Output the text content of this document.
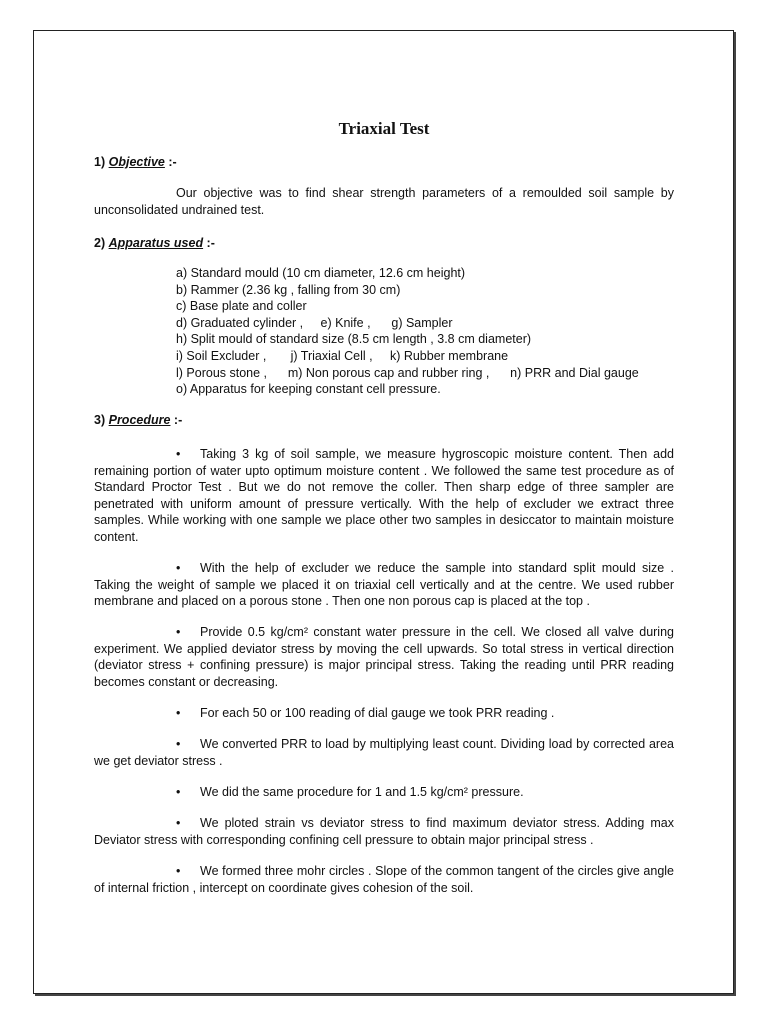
Triaxial Test
1) Objective :-
Our objective was to find shear strength parameters of a remoulded soil sample by unconsolidated undrained test.
2) Apparatus used :-
a) Standard mould (10 cm diameter, 12.6 cm height)
b) Rammer (2.36 kg , falling from 30 cm)
c) Base plate and coller
d) Graduated cylinder ,     e) Knife ,      g) Sampler
h) Split mould of standard size (8.5 cm length , 3.8 cm diameter)
i) Soil Excluder ,       j) Triaxial Cell ,     k) Rubber membrane
l) Porous stone ,      m) Non porous cap and rubber ring ,      n) PRR and Dial gauge
o) Apparatus for keeping constant cell pressure.
3) Procedure :-
• Taking 3 kg of soil sample, we measure hygroscopic moisture content. Then add remaining portion of water upto optimum moisture content . We followed the same test procedure as of Standard Proctor Test . But we do not remove the coller. Then sharp edge of three sampler are penetrated with uniform amount of pressure vertically. With the help of excluder we extract three samples. While working with one sample we place other two samples in desiccator to maintain moisture content.
• With the help of excluder we reduce the sample into standard split mould size . Taking the weight of sample we placed it on triaxial cell vertically and at the centre. We used rubber membrane and placed on a porous stone . Then one non porous cap is placed at the top .
• Provide 0.5 kg/cm² constant water pressure in the cell. We closed all valve during experiment. We applied deviator stress by moving the cell upwards. So total stress in vertical direction (deviator stress + confining pressure) is major principal stress. Taking the reading until PRR reading becomes constant or decreasing.
• For each 50 or 100 reading of dial gauge we took PRR reading .
• We converted PRR to load by multiplying least count. Dividing load by corrected area we get deviator stress .
• We did the same procedure for 1 and 1.5 kg/cm² pressure.
• We ploted strain vs deviator stress to find maximum deviator stress. Adding max Deviator stress with corresponding confining cell pressure to obtain major principal stress .
• We formed three mohr circles . Slope of the common tangent of the circles give angle of internal friction , intercept on coordinate gives cohesion of the soil.
